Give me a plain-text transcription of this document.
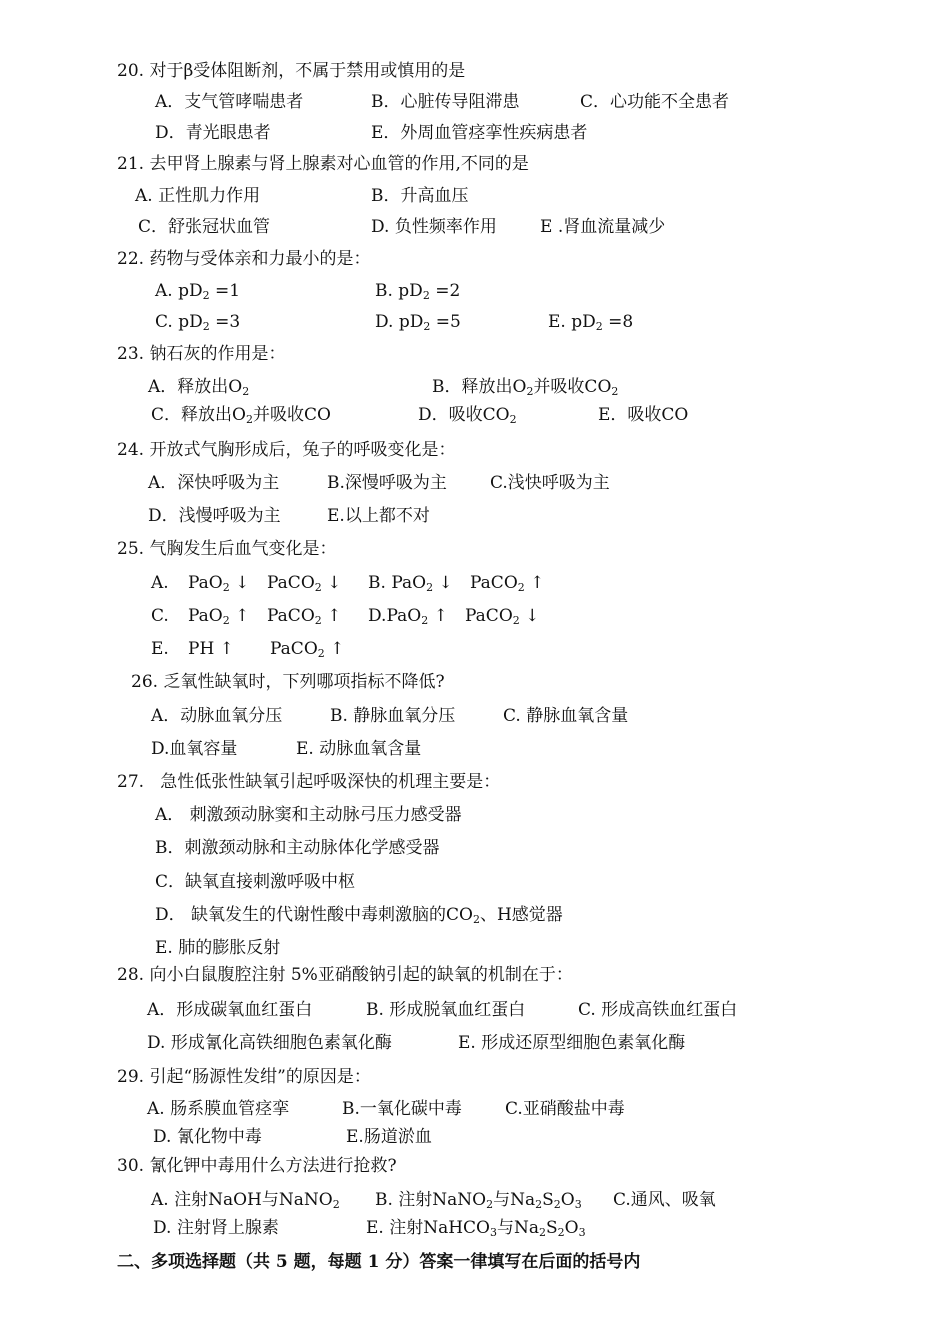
20. 对于β受体阻断剂，不属于禁用或慎用的是
A．支气管哮喘患者	B．心脏传导阻滞患	C．心功能不全患者
D．青光眼患者	E．外周血管痉挛性疾病患者
21. 去甲肾上腺素与肾上腺素对心血管的作用,不同的是
A. 正性肌力作用	B．升高血压
C．舒张冠状血管	D. 负性频率作用	E .肾血流量减少
22. 药物与受体亲和力最小的是：
A. $pD_2 =1$	B. $pD_2 =2$
C. $pD_2 =3$	D. $pD_2 =5$	E. $pD_2 =8$
23. 钠石灰的作用是：
A．释放出$O_2$	B．释放出$O_2$并吸收$CO_2$
C．释放出$O_2$并吸收CO	D．吸收$CO_2$	E．吸收CO
24. 开放式气胸形成后，兔子的呼吸变化是：
A．深快呼吸为主	B.深慢呼吸为主	C.浅快呼吸为主
D．浅慢呼吸为主	E.以上都不对
25. 气胸发生后血气变化是：
A. PaO$_2$ ↓ PaCO$_2$ ↓ B. PaO$_2$ ↓ PaCO$_2$ ↑
C. PaO$_2$ ↑ PaCO$_2$ ↑ D.PaO$_2$ ↑ PaCO$_2$ ↓
E. PH ↑ PaCO$_2$ ↑
26. 乏氧性缺氧时，下列哪项指标不降低?
A．动脉血氧分压	B. 静脉血氧分压	C. 静脉血氧含量
D.血氧容量	E. 动脉血氧含量
27. 急性低张性缺氧引起呼吸深快的机理主要是：
A． 刺激颈动脉窦和主动脉弓压力感受器
B．刺激颈动脉和主动脉体化学感受器
C．缺氧直接刺激呼吸中枢
D． 缺氧发生的代谢性酸中毒刺激脑的$CO_2$、H感觉器
E. 肺的膨胀反射
28. 向小白鼠腹腔注射 5%亚硝酸钠引起的缺氧的机制在于：
A．形成碳氧血红蛋白	B. 形成脱氧血红蛋白	C. 形成高铁血红蛋白
D. 形成氰化高铁细胞色素氧化酶	E. 形成还原型细胞色素氧化酶
29. 引起“肠源性发绀”的原因是：
A. 肠系膜血管痉挛	B.一氧化碳中毒	C.亚硝酸盐中毒
D. 氰化物中毒	E.肠道淤血
30. 氰化钾中毒用什么方法进行抢救?
A. 注射NaOH与NaNO$_2$ B. 注射NaNO$_2$与$Na_2S_2O_3$ C.通风、吸氧
D. 注射肾上腺素	E. 注射NaHCO$_3$与$Na_2S_2O_3$
二、多项选择题（共 5 题，每题 1 分）答案一律填写在后面的括号内
